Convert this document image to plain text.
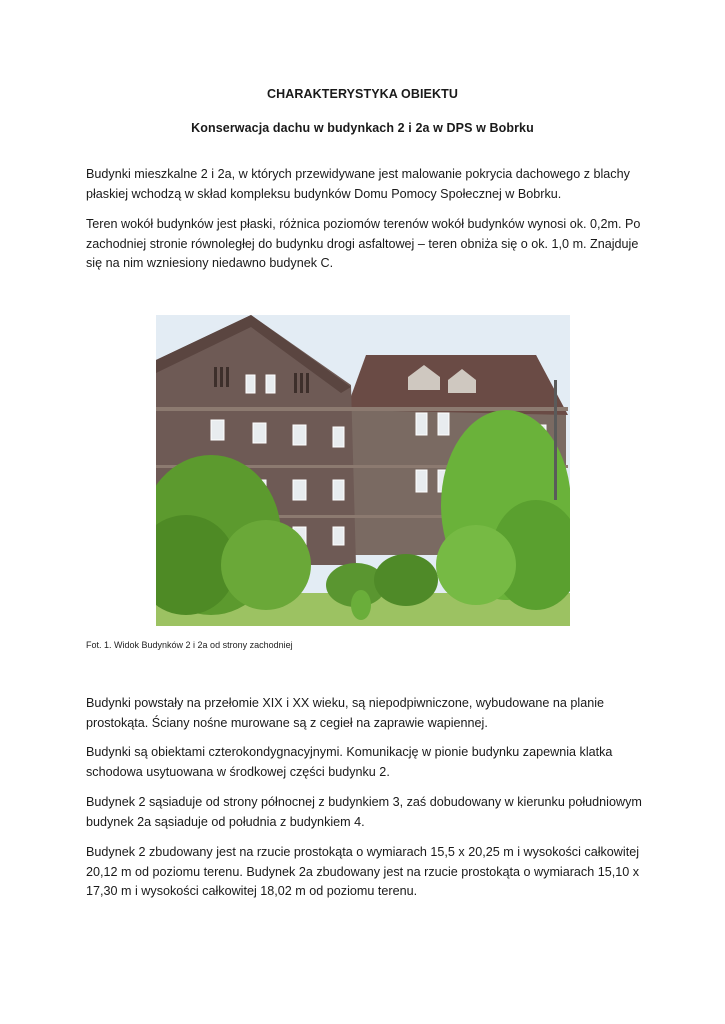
CHARAKTERYSTYKA OBIEKTU
Konserwacja dachu w budynkach 2 i 2a w DPS w Bobrku

Budynki mieszkalne 2 i 2a, w których przewidywane jest malowanie pokrycia dachowego z blachy płaskiej wchodzą w skład kompleksu budynków Domu Pomocy Społecznej w Bobrku.

Teren wokół budynków jest płaski, różnica poziomów terenów wokół budynków wynosi ok. 0,2m. Po zachodniej stronie równoległej do budynku drogi asfaltowej – teren obniża się o ok. 1,0 m. Znajduje się na nim wzniesiony niedawno budynek C.

Fot. 1. Widok Budynków 2 i 2a od strony zachodniej

Budynki powstały na przełomie XIX i XX wieku, są niepodpiwniczone, wybudowane na planie prostokąta. Ściany nośne murowane są z cegieł na zaprawie wapiennej.

Budynki są obiektami czterokondygnacyjnymi. Komunikację w pionie budynku zapewnia klatka schodowa usytuowana w środkowej części budynku 2.

Budynek 2 sąsiaduje od strony północnej z budynkiem 3, zaś dobudowany w kierunku południowym budynek 2a sąsiaduje od południa z budynkiem 4.

Budynek 2 zbudowany jest na rzucie prostokąta o wymiarach 15,5 x 20,25 m i wysokości całkowitej 20,12 m od poziomu terenu. Budynek 2a zbudowany jest na rzucie prostokąta o wymiarach 15,10 x 17,30 m i wysokości całkowitej 18,02 m od poziomu terenu.
